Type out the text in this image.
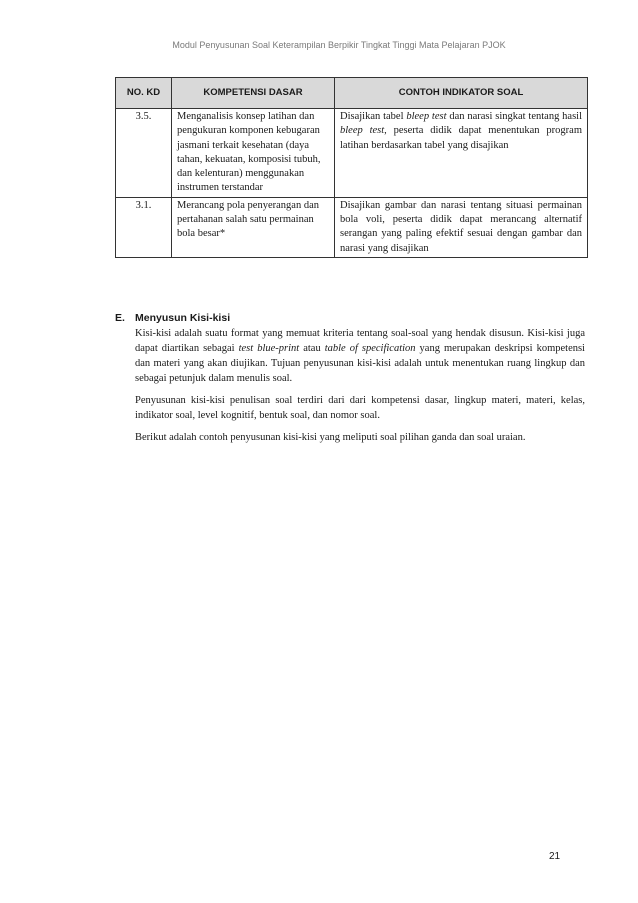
Modul Penyusunan Soal Keterampilan Berpikir Tingkat Tinggi Mata Pelajaran PJOK
NO. KD	KOMPETENSI DASAR	CONTOH INDIKATOR SOAL
3.5.	Menganalisis konsep latihan dan pengukuran komponen kebugaran jasmani terkait kesehatan (daya tahan, kekuatan, komposisi tubuh, dan kelenturan) menggunakan instrumen terstandar	Disajikan tabel bleep test dan narasi singkat tentang hasil bleep test, peserta didik dapat menentukan program latihan berdasarkan tabel yang disajikan
3.1.	Merancang pola penyerangan dan pertahanan salah satu permainan bola besar*	Disajikan gambar dan narasi tentang situasi permainan bola voli, peserta didik dapat merancang alternatif serangan yang paling efektif sesuai dengan gambar dan narasi yang disajikan
E. Menyusun Kisi-kisi

Kisi-kisi adalah suatu format yang memuat kriteria tentang soal-soal yang hendak disusun. Kisi-kisi juga dapat diartikan sebagai test blue-print atau table of specification yang merupakan deskripsi kompetensi dan materi yang akan diujikan. Tujuan penyusunan kisi-kisi adalah untuk menentukan ruang lingkup dan sebagai petunjuk dalam menulis soal.

Penyusunan kisi-kisi penulisan soal terdiri dari dari kompetensi dasar, lingkup materi, materi, kelas, indikator soal, level kognitif, bentuk soal, dan nomor soal.

Berikut adalah contoh penyusunan kisi-kisi yang meliputi soal pilihan ganda dan soal uraian.

21
